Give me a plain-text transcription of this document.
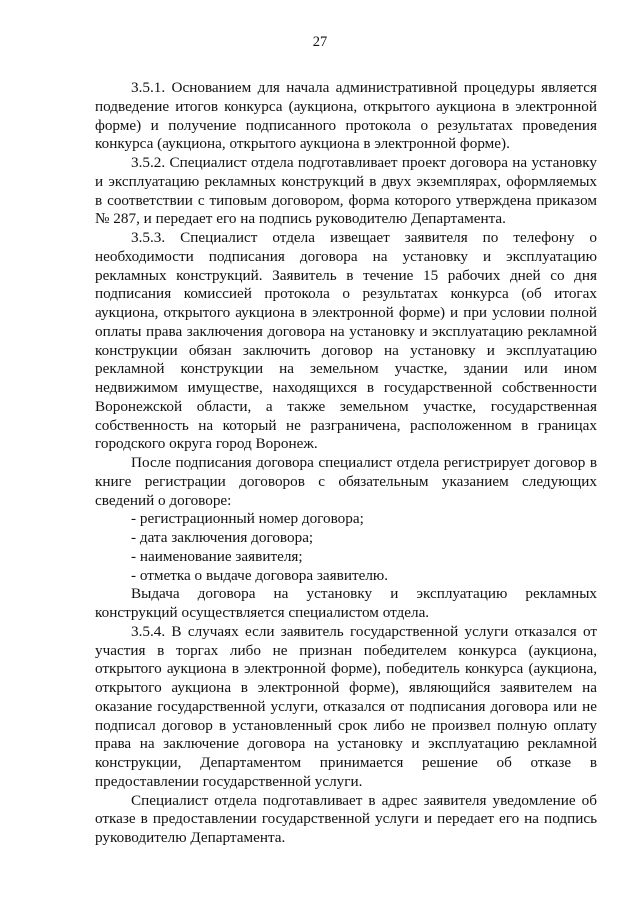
27

3.5.1. Основанием для начала административной процедуры является подведение итогов конкурса (аукциона, открытого аукциона в электронной форме) и получение подписанного протокола о результатах проведения конкурса (аукциона, открытого аукциона в электронной форме).

3.5.2. Специалист отдела подготавливает проект договора на установку и эксплуатацию рекламных конструкций в двух экземплярах, оформляемых в соответствии с типовым договором, форма которого утверждена приказом № 287, и передает его на подпись руководителю Департамента.

3.5.3. Специалист отдела извещает заявителя по телефону о необходимости подписания договора на установку и эксплуатацию рекламных конструкций. Заявитель в течение 15 рабочих дней со дня подписания комиссией протокола о результатах конкурса (об итогах аукциона, открытого аукциона в электронной форме) и при условии полной оплаты права заключения договора на установку и эксплуатацию рекламной конструкции обязан заключить договор на установку и эксплуатацию рекламной конструкции на земельном участке, здании или ином недвижимом имуществе, находящихся в государственной собственности Воронежской области, а также земельном участке, государственная собственность на который не разграничена, расположенном в границах городского округа город Воронеж.

После подписания договора специалист отдела регистрирует договор в книге регистрации договоров с обязательным указанием следующих сведений о договоре:

- регистрационный номер договора;

- дата заключения договора;

- наименование заявителя;

- отметка о выдаче договора заявителю.

Выдача договора на установку и эксплуатацию рекламных конструкций осуществляется специалистом отдела.

3.5.4. В случаях если заявитель государственной услуги отказался от участия в торгах либо не признан победителем конкурса (аукциона, открытого аукциона в электронной форме), победитель конкурса (аукциона, открытого аукциона в электронной форме), являющийся заявителем на оказание государственной услуги, отказался от подписания договора или не подписал договор в установленный срок либо не произвел полную оплату права на заключение договора на установку и эксплуатацию рекламной конструкции, Департаментом принимается решение об отказе в предоставлении государственной услуги.

Специалист отдела подготавливает в адрес заявителя уведомление об отказе в предоставлении государственной услуги и передает его на подпись руководителю Департамента.
